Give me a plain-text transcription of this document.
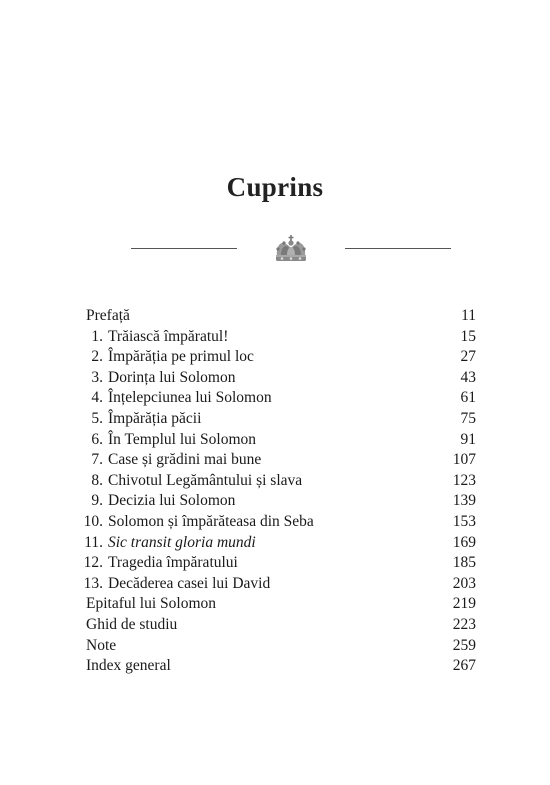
Cuprins
Prefață	11
1. Trăiască împăratul!	15
2. Împărăția pe primul loc	27
3. Dorința lui Solomon	43
4. Înțelepciunea lui Solomon	61
5. Împărăția păcii	75
6. În Templul lui Solomon	91
7. Case și grădini mai bune	107
8. Chivotul Legământului și slava	123
9. Decizia lui Solomon	139
10. Solomon și împărăteasa din Seba	153
11. Sic transit gloria mundi	169
12. Tragedia împăratului	185
13. Decăderea casei lui David	203
Epitaful lui Solomon	219
Ghid de studiu	223
Note	259
Index general	267
